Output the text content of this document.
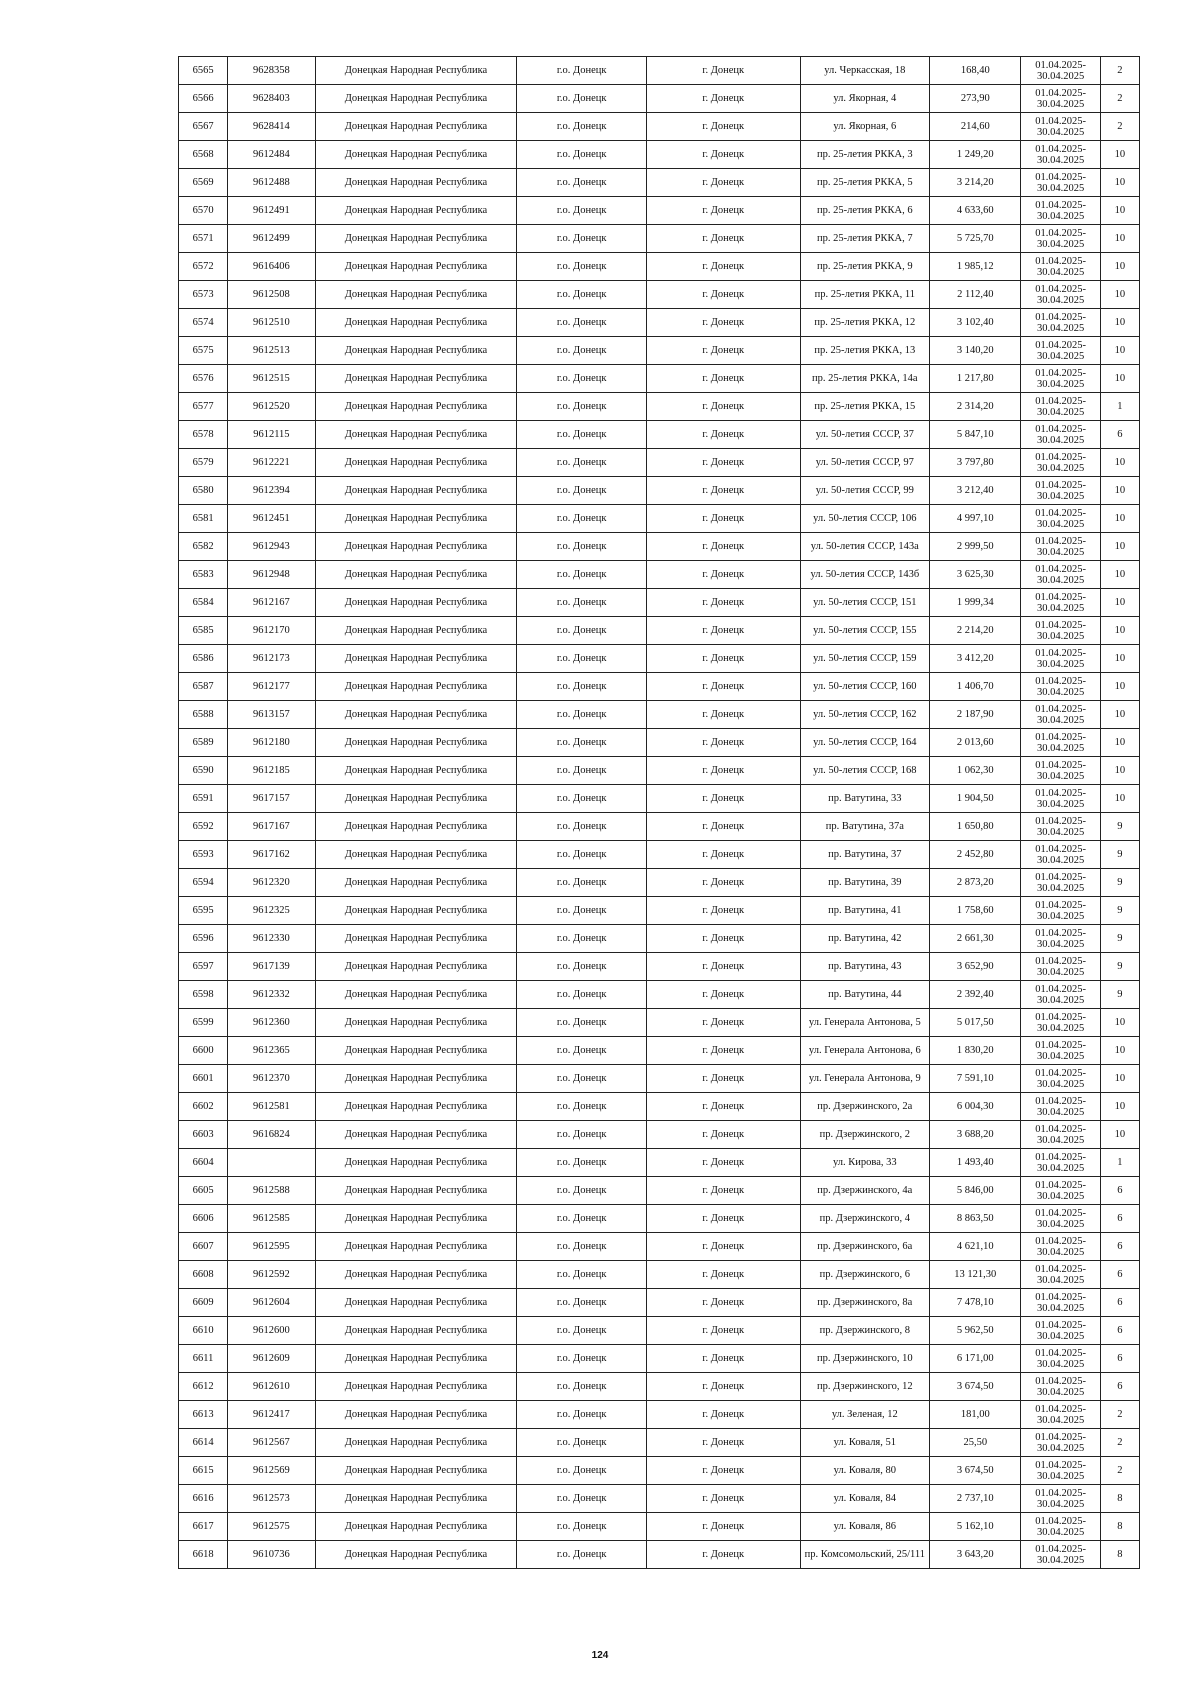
6565	9628358	Донецкая Народная Республика	г.о. Донецк	г. Донецк	ул. Черкасская, 18	168,40	01.04.2025-30.04.2025	2
6566	9628403	Донецкая Народная Республика	г.о. Донецк	г. Донецк	ул. Якорная, 4	273,90	01.04.2025-30.04.2025	2
6567	9628414	Донецкая Народная Республика	г.о. Донецк	г. Донецк	ул. Якорная, 6	214,60	01.04.2025-30.04.2025	2
6568	9612484	Донецкая Народная Республика	г.о. Донецк	г. Донецк	пр. 25-летия РККА, 3	1 249,20	01.04.2025-30.04.2025	10
6569	9612488	Донецкая Народная Республика	г.о. Донецк	г. Донецк	пр. 25-летия РККА, 5	3 214,20	01.04.2025-30.04.2025	10
6570	9612491	Донецкая Народная Республика	г.о. Донецк	г. Донецк	пр. 25-летия РККА, 6	4 633,60	01.04.2025-30.04.2025	10
6571	9612499	Донецкая Народная Республика	г.о. Донецк	г. Донецк	пр. 25-летия РККА, 7	5 725,70	01.04.2025-30.04.2025	10
6572	9616406	Донецкая Народная Республика	г.о. Донецк	г. Донецк	пр. 25-летия РККА, 9	1 985,12	01.04.2025-30.04.2025	10
6573	9612508	Донецкая Народная Республика	г.о. Донецк	г. Донецк	пр. 25-летия РККА, 11	2 112,40	01.04.2025-30.04.2025	10
6574	9612510	Донецкая Народная Республика	г.о. Донецк	г. Донецк	пр. 25-летия РККА, 12	3 102,40	01.04.2025-30.04.2025	10
6575	9612513	Донецкая Народная Республика	г.о. Донецк	г. Донецк	пр. 25-летия РККА, 13	3 140,20	01.04.2025-30.04.2025	10
6576	9612515	Донецкая Народная Республика	г.о. Донецк	г. Донецк	пр. 25-летия РККА, 14а	1 217,80	01.04.2025-30.04.2025	10
6577	9612520	Донецкая Народная Республика	г.о. Донецк	г. Донецк	пр. 25-летия РККА, 15	2 314,20	01.04.2025-30.04.2025	1
6578	9612115	Донецкая Народная Республика	г.о. Донецк	г. Донецк	ул. 50-летия СССР, 37	5 847,10	01.04.2025-30.04.2025	6
6579	9612221	Донецкая Народная Республика	г.о. Донецк	г. Донецк	ул. 50-летия СССР, 97	3 797,80	01.04.2025-30.04.2025	10
6580	9612394	Донецкая Народная Республика	г.о. Донецк	г. Донецк	ул. 50-летия СССР, 99	3 212,40	01.04.2025-30.04.2025	10
6581	9612451	Донецкая Народная Республика	г.о. Донецк	г. Донецк	ул. 50-летия СССР, 106	4 997,10	01.04.2025-30.04.2025	10
6582	9612943	Донецкая Народная Республика	г.о. Донецк	г. Донецк	ул. 50-летия СССР, 143а	2 999,50	01.04.2025-30.04.2025	10
6583	9612948	Донецкая Народная Республика	г.о. Донецк	г. Донецк	ул. 50-летия СССР, 143б	3 625,30	01.04.2025-30.04.2025	10
6584	9612167	Донецкая Народная Республика	г.о. Донецк	г. Донецк	ул. 50-летия СССР, 151	1 999,34	01.04.2025-30.04.2025	10
6585	9612170	Донецкая Народная Республика	г.о. Донецк	г. Донецк	ул. 50-летия СССР, 155	2 214,20	01.04.2025-30.04.2025	10
6586	9612173	Донецкая Народная Республика	г.о. Донецк	г. Донецк	ул. 50-летия СССР, 159	3 412,20	01.04.2025-30.04.2025	10
6587	9612177	Донецкая Народная Республика	г.о. Донецк	г. Донецк	ул. 50-летия СССР, 160	1 406,70	01.04.2025-30.04.2025	10
6588	9613157	Донецкая Народная Республика	г.о. Донецк	г. Донецк	ул. 50-летия СССР, 162	2 187,90	01.04.2025-30.04.2025	10
6589	9612180	Донецкая Народная Республика	г.о. Донецк	г. Донецк	ул. 50-летия СССР, 164	2 013,60	01.04.2025-30.04.2025	10
6590	9612185	Донецкая Народная Республика	г.о. Донецк	г. Донецк	ул. 50-летия СССР, 168	1 062,30	01.04.2025-30.04.2025	10
6591	9617157	Донецкая Народная Республика	г.о. Донецк	г. Донецк	пр. Ватутина, 33	1 904,50	01.04.2025-30.04.2025	10
6592	9617167	Донецкая Народная Республика	г.о. Донецк	г. Донецк	пр. Ватутина, 37а	1 650,80	01.04.2025-30.04.2025	9
6593	9617162	Донецкая Народная Республика	г.о. Донецк	г. Донецк	пр. Ватутина, 37	2 452,80	01.04.2025-30.04.2025	9
6594	9612320	Донецкая Народная Республика	г.о. Донецк	г. Донецк	пр. Ватутина, 39	2 873,20	01.04.2025-30.04.2025	9
6595	9612325	Донецкая Народная Республика	г.о. Донецк	г. Донецк	пр. Ватутина, 41	1 758,60	01.04.2025-30.04.2025	9
6596	9612330	Донецкая Народная Республика	г.о. Донецк	г. Донецк	пр. Ватутина, 42	2 661,30	01.04.2025-30.04.2025	9
6597	9617139	Донецкая Народная Республика	г.о. Донецк	г. Донецк	пр. Ватутина, 43	3 652,90	01.04.2025-30.04.2025	9
6598	9612332	Донецкая Народная Республика	г.о. Донецк	г. Донецк	пр. Ватутина, 44	2 392,40	01.04.2025-30.04.2025	9
6599	9612360	Донецкая Народная Республика	г.о. Донецк	г. Донецк	ул. Генерала Антонова, 5	5 017,50	01.04.2025-30.04.2025	10
6600	9612365	Донецкая Народная Республика	г.о. Донецк	г. Донецк	ул. Генерала Антонова, 6	1 830,20	01.04.2025-30.04.2025	10
6601	9612370	Донецкая Народная Республика	г.о. Донецк	г. Донецк	ул. Генерала Антонова, 9	7 591,10	01.04.2025-30.04.2025	10
6602	9612581	Донецкая Народная Республика	г.о. Донецк	г. Донецк	пр. Дзержинского, 2а	6 004,30	01.04.2025-30.04.2025	10
6603	9616824	Донецкая Народная Республика	г.о. Донецк	г. Донецк	пр. Дзержинского, 2	3 688,20	01.04.2025-30.04.2025	10
6604		Донецкая Народная Республика	г.о. Донецк	г. Донецк	ул. Кирова, 33	1 493,40	01.04.2025-30.04.2025	1
6605	9612588	Донецкая Народная Республика	г.о. Донецк	г. Донецк	пр. Дзержинского, 4а	5 846,00	01.04.2025-30.04.2025	6
6606	9612585	Донецкая Народная Республика	г.о. Донецк	г. Донецк	пр. Дзержинского, 4	8 863,50	01.04.2025-30.04.2025	6
6607	9612595	Донецкая Народная Республика	г.о. Донецк	г. Донецк	пр. Дзержинского, 6а	4 621,10	01.04.2025-30.04.2025	6
6608	9612592	Донецкая Народная Республика	г.о. Донецк	г. Донецк	пр. Дзержинского, 6	13 121,30	01.04.2025-30.04.2025	6
6609	9612604	Донецкая Народная Республика	г.о. Донецк	г. Донецк	пр. Дзержинского, 8а	7 478,10	01.04.2025-30.04.2025	6
6610	9612600	Донецкая Народная Республика	г.о. Донецк	г. Донецк	пр. Дзержинского, 8	5 962,50	01.04.2025-30.04.2025	6
6611	9612609	Донецкая Народная Республика	г.о. Донецк	г. Донецк	пр. Дзержинского, 10	6 171,00	01.04.2025-30.04.2025	6
6612	9612610	Донецкая Народная Республика	г.о. Донецк	г. Донецк	пр. Дзержинского, 12	3 674,50	01.04.2025-30.04.2025	6
6613	9612417	Донецкая Народная Республика	г.о. Донецк	г. Донецк	ул. Зеленая, 12	181,00	01.04.2025-30.04.2025	2
6614	9612567	Донецкая Народная Республика	г.о. Донецк	г. Донецк	ул. Коваля, 51	25,50	01.04.2025-30.04.2025	2
6615	9612569	Донецкая Народная Республика	г.о. Донецк	г. Донецк	ул. Коваля, 80	3 674,50	01.04.2025-30.04.2025	2
6616	9612573	Донецкая Народная Республика	г.о. Донецк	г. Донецк	ул. Коваля, 84	2 737,10	01.04.2025-30.04.2025	8
6617	9612575	Донецкая Народная Республика	г.о. Донецк	г. Донецк	ул. Коваля, 86	5 162,10	01.04.2025-30.04.2025	8
6618	9610736	Донецкая Народная Республика	г.о. Донецк	г. Донецк	пр. Комсомольский, 25/111	3 643,20	01.04.2025-30.04.2025	8
124
